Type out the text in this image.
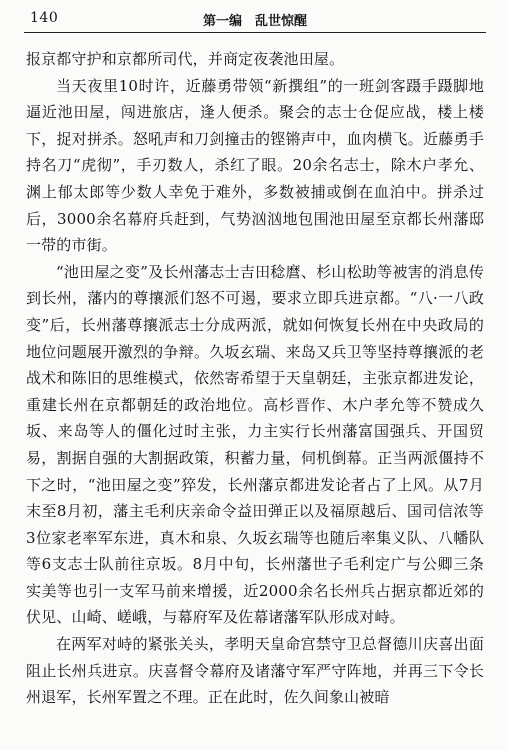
140	第一编　乱世惊醒

报京都守护和京都所司代，并商定夜袭池田屋。

当天夜里10时许，近藤勇带领“新撰组”的一班剑客蹑手蹑脚地逼近池田屋，闯进旅店，逢人便杀。聚会的志士仓促应战，楼上楼下，捉对拼杀。怒吼声和刀剑撞击的铿锵声中，血肉横飞。近藤勇手持名刀“虎彻”，手刃数人，杀红了眼。20余名志士，除木户孝允、渊上郁太郎等少数人幸免于难外，多数被捕或倒在血泊中。拼杀过后，3000余名幕府兵赶到，气势汹汹地包围池田屋至京都长州藩邸一带的市街。

“池田屋之变”及长州藩志士吉田稔麿、杉山松助等被害的消息传到长州，藩内的尊攘派们怒不可遏，要求立即兵进京都。“八·一八政变”后，长州藩尊攘派志士分成两派，就如何恢复长州在中央政局的地位问题展开激烈的争辩。久坂玄瑞、来岛又兵卫等坚持尊攘派的老战术和陈旧的思维模式，依然寄希望于天皇朝廷，主张京都进发论，重建长州在京都朝廷的政治地位。高杉晋作、木户孝允等不赞成久坂、来岛等人的僵化过时主张，力主实行长州藩富国强兵、开国贸易，割据自强的大割据政策，积蓄力量，伺机倒幕。正当两派僵持不下之时，“池田屋之变”猝发，长州藩京都进发论者占了上风。从7月末至8月初，藩主毛利庆亲命令益田弹正以及福原越后、国司信浓等3位家老率军东进，真木和泉、久坂玄瑞等也随后率集义队、八幡队等6支志士队前往京坂。8月中旬，长州藩世子毛利定广与公卿三条实美等也引一支军马前来增援，近2000余名长州兵占据京都近郊的伏见、山崎、嵯峨，与幕府军及佐幕诸藩军队形成对峙。

在两军对峙的紧张关头，孝明天皇命宫禁守卫总督德川庆喜出面阻止长州兵进京。庆喜督令幕府及诸藩守军严守阵地，并再三下令长州退军，长州军置之不理。正在此时，佐久间象山被暗
